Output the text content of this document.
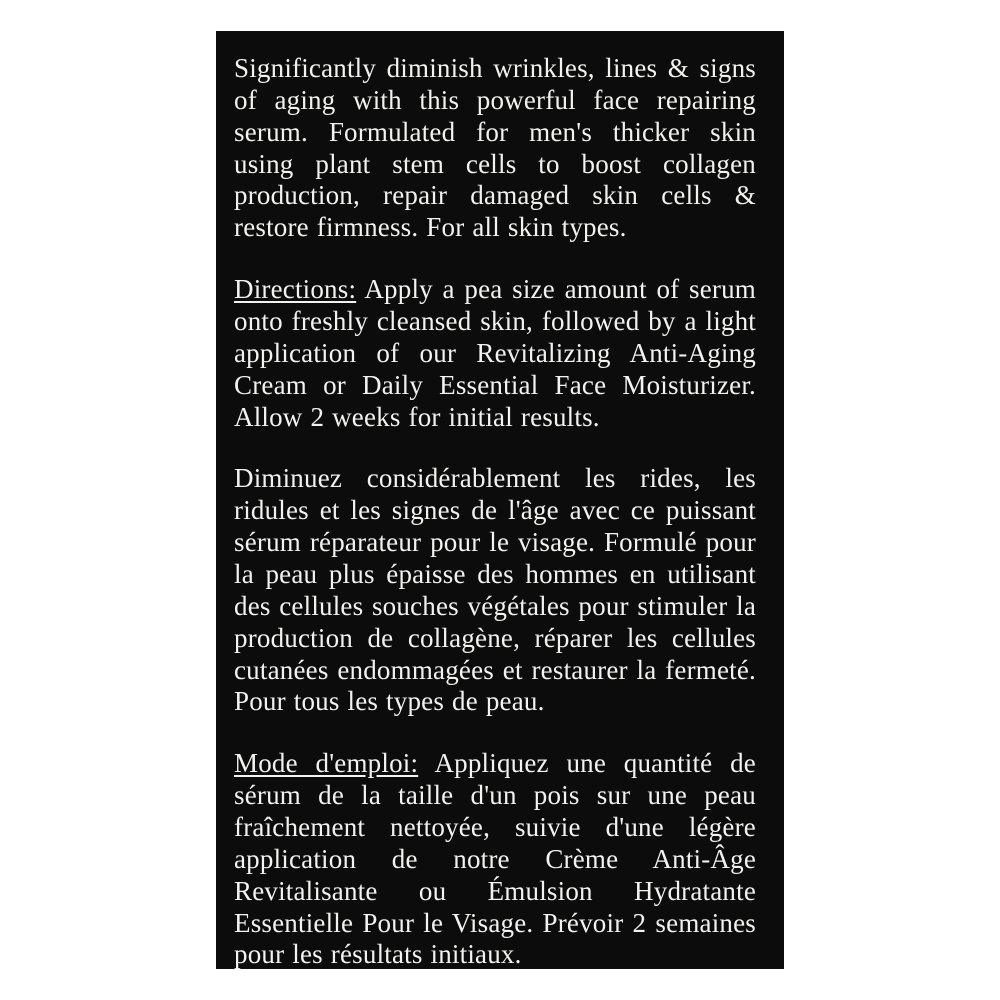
Significantly diminish wrinkles, lines & signs of aging with this powerful face repairing serum. Formulated for men's thicker skin using plant stem cells to boost collagen production, repair damaged skin cells & restore firmness. For all skin types.

Directions: Apply a pea size amount of serum onto freshly cleansed skin, followed by a light application of our Revitalizing Anti-Aging Cream or Daily Essential Face Moisturizer. Allow 2 weeks for initial results.

Diminuez considérablement les rides, les ridules et les signes de l'âge avec ce puissant sérum réparateur pour le visage. Formulé pour la peau plus épaisse des hommes en utilisant des cellules souches végétales pour stimuler la production de collagène, réparer les cellules cutanées endommagées et restaurer la fermeté. Pour tous les types de peau.

Mode d'emploi: Appliquez une quantité de sérum de la taille d'un pois sur une peau fraîchement nettoyée, suivie d'une légère application de notre Crème Anti-Âge Revitalisante ou Émulsion Hydratante Essentielle Pour le Visage. Prévoir 2 semaines pour les résultats initiaux.
